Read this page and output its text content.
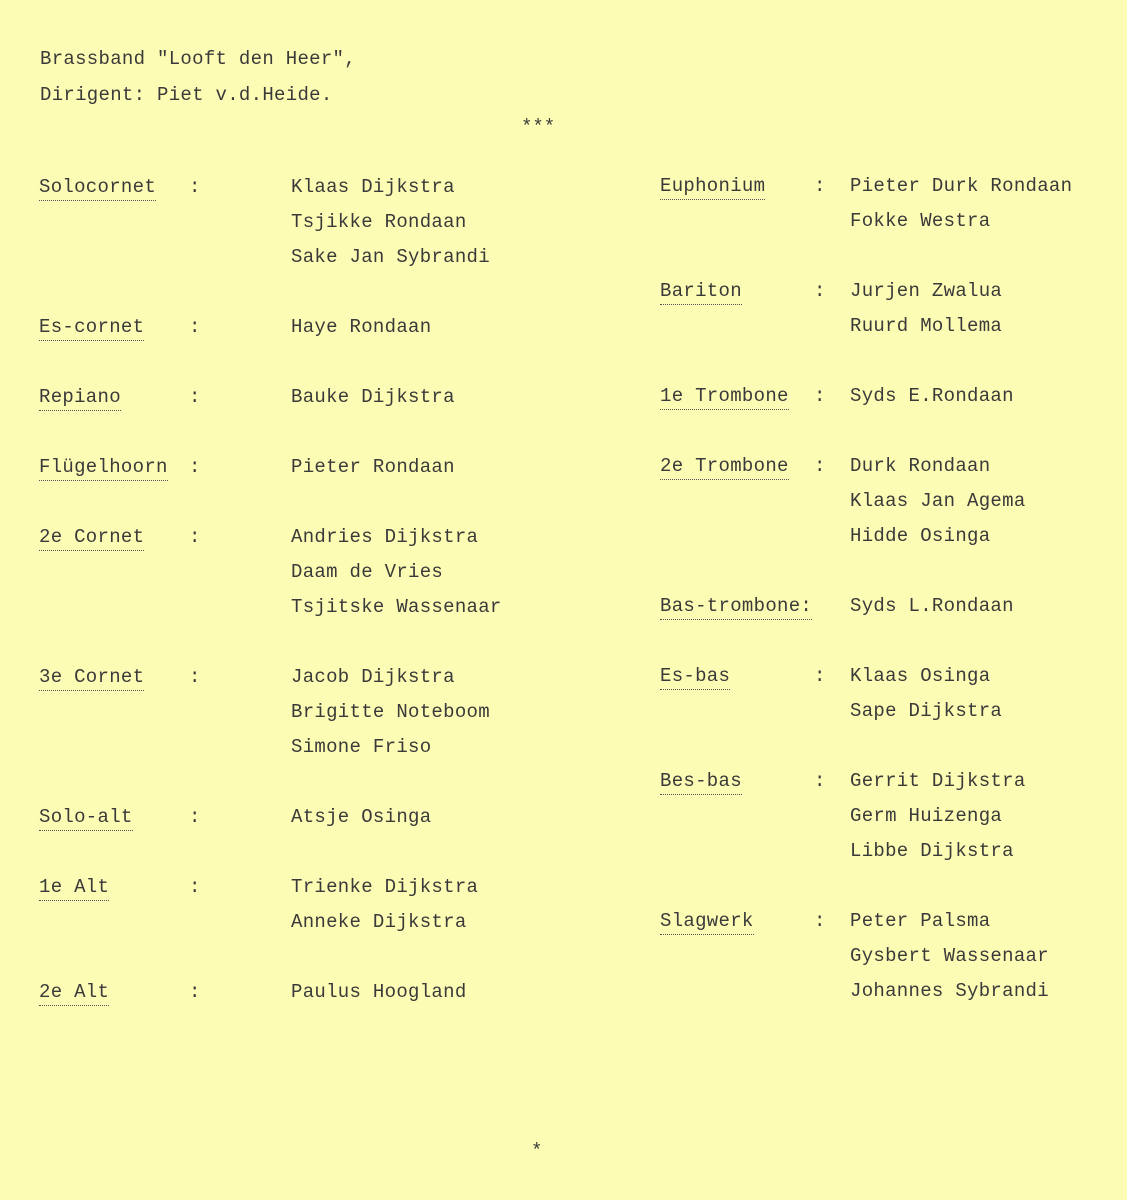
Brassband "Looft den Heer",
Dirigent: Piet v.d.Heide.
***
Solocornet :	Klaas Dijkstra
Tsjikke Rondaan
Sake Jan Sybrandi
Es-cornet :	Haye Rondaan
Repiano	:	Bauke Dijkstra
Flügelhoorn :	Pieter Rondaan
2e Cornet :	Andries Dijkstra
Daam de Vries
Tsjitske Wassenaar
3e Cornet :	Jacob Dijkstra
Brigitte Noteboom
Simone Friso
Solo-alt	:	Atsje Osinga
1e Alt	:	Trienke Dijkstra
Anneke Dijkstra
2e Alt	:	Paulus Hoogland
Euphonium	: Pieter Durk Rondaan
Fokke Westra
Bariton	: Jurjen Zwalua
Ruurd Mollema
1e Trombone : Syds E.Rondaan
2e Trombone : Durk Rondaan
Klaas Jan Agema
Hidde Osinga
Bas-trombone: Syds L.Rondaan
Es-bas	: Klaas Osinga
Sape Dijkstra
Bes-bas	: Gerrit Dijkstra
Germ Huizenga
Libbe Dijkstra
Slagwerk	: Peter Palsma
Gysbert Wassenaar
Johannes Sybrandi
*
